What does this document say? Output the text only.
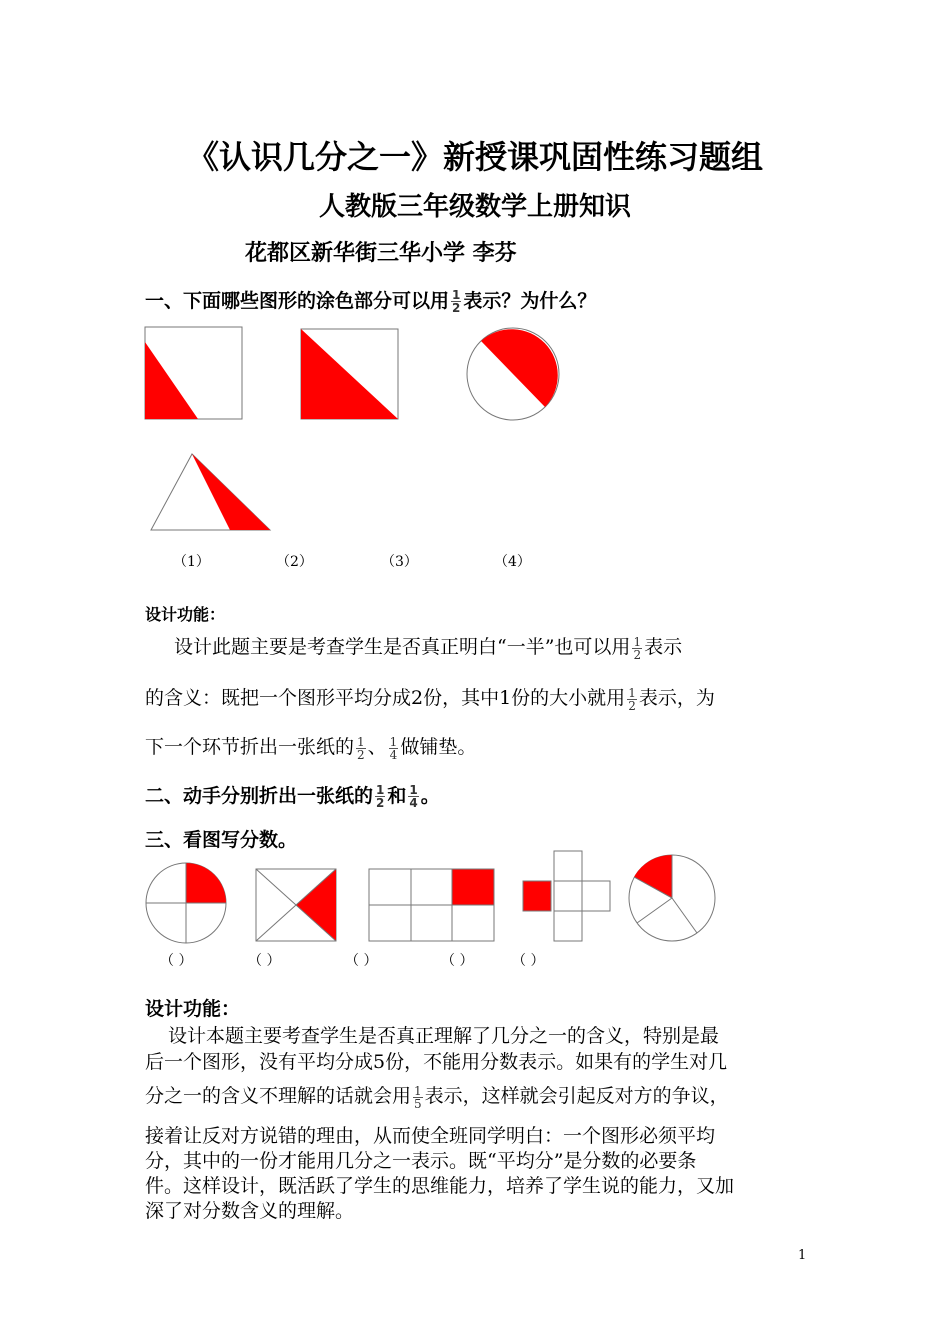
《认识几分之一》新授课巩固性练习题组
人教版三年级数学上册知识
花都区新华街三华小学 李芬
一、下面哪些图形的涂色部分可以用 $\frac{1}{2}$ 表示？为什么？
（1）	（2）	（3）	（4）
设计功能：
设计此题主要是考查学生是否真正明白“一半”也可以用 $\frac{1}{2}$ 表示
的含义：既把一个图形平均分成2份，其中1份的大小就用 $\frac{1}{2}$ 表示，为
下一个环节折出一张纸的 $\frac{1}{2}$ 、 $\frac{1}{4}$ 做铺垫。
二、动手分别折出一张纸的 $\frac{1}{2}$ 和 $\frac{1}{4}$ 。
三、看图写分数。
（ ）	（ ）	（ ）	（ ）	（ ）
设计功能：
设计本题主要考查学生是否真正理解了几分之一的含义，特别是最
后一个图形，没有平均分成5份，不能用分数表示。如果有的学生对几
分之一的含义不理解的话就会用 $\frac{1}{5}$ 表示，这样就会引起反对方的争议，
接着让反对方说错的理由，从而使全班同学明白：一个图形必须平均
分，其中的一份才能用几分之一表示。既“平均分”是分数的必要条
件。这样设计，既活跃了学生的思维能力，培养了学生说的能力，又加
深了对分数含义的理解。
1
